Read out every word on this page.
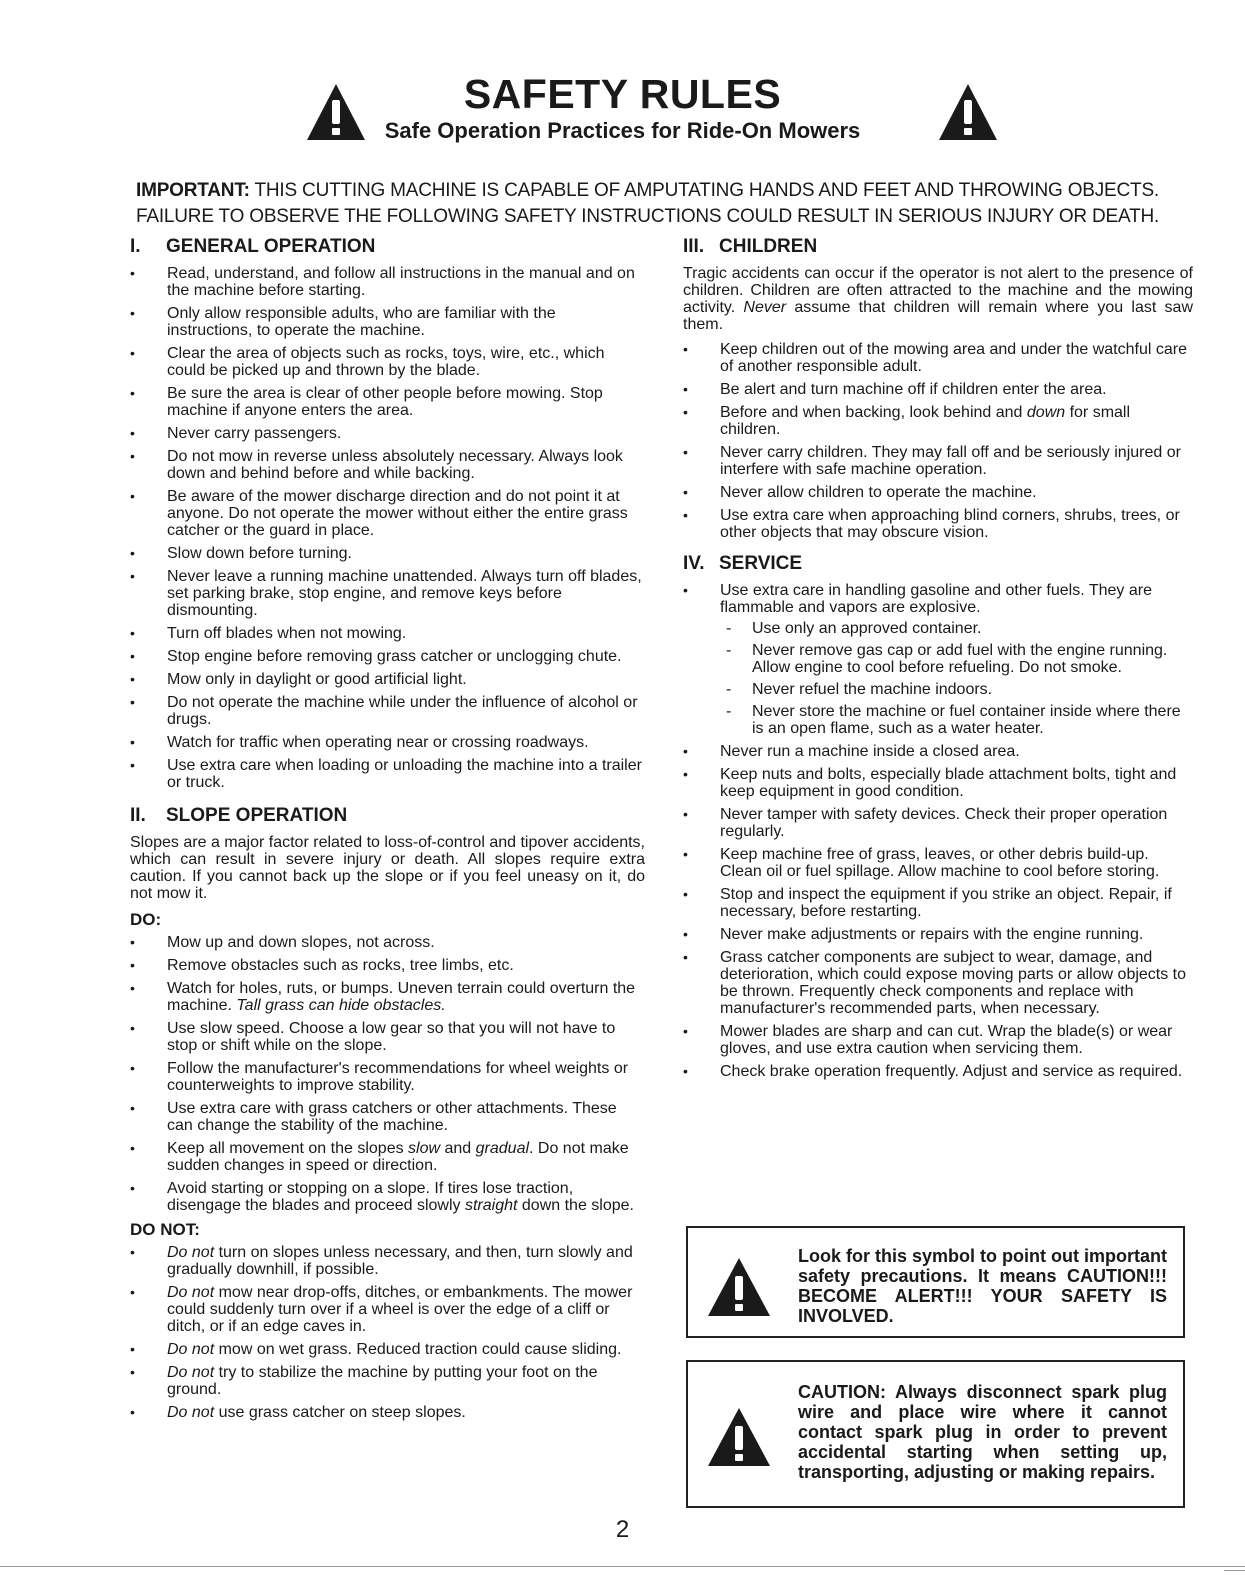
SAFETY RULES
Safe Operation Practices for Ride-On Mowers
IMPORTANT: THIS CUTTING MACHINE IS CAPABLE OF AMPUTATING HANDS AND FEET AND THROWING OBJECTS.
FAILURE TO OBSERVE THE FOLLOWING SAFETY INSTRUCTIONS COULD RESULT IN SERIOUS INJURY OR DEATH.
I. GENERAL OPERATION
• Read, understand, and follow all instructions in the manual and on the machine before starting.
• Only allow responsible adults, who are familiar with the instructions, to operate the machine.
• Clear the area of objects such as rocks, toys, wire, etc., which could be picked up and thrown by the blade.
• Be sure the area is clear of other people before mowing. Stop machine if anyone enters the area.
• Never carry passengers.
• Do not mow in reverse unless absolutely necessary. Always look down and behind before and while backing.
• Be aware of the mower discharge direction and do not point it at anyone. Do not operate the mower without either the entire grass catcher or the guard in place.
• Slow down before turning.
• Never leave a running machine unattended. Always turn off blades, set parking brake, stop engine, and remove keys before dismounting.
• Turn off blades when not mowing.
• Stop engine before removing grass catcher or unclogging chute.
• Mow only in daylight or good artificial light.
• Do not operate the machine while under the influence of alcohol or drugs.
• Watch for traffic when operating near or crossing roadways.
• Use extra care when loading or unloading the machine into a trailer or truck.
II. SLOPE OPERATION
Slopes are a major factor related to loss-of-control and tipover accidents, which can result in severe injury or death. All slopes require extra caution. If you cannot back up the slope or if you feel uneasy on it, do not mow it.
DO:
• Mow up and down slopes, not across.
• Remove obstacles such as rocks, tree limbs, etc.
• Watch for holes, ruts, or bumps. Uneven terrain could overturn the machine. Tall grass can hide obstacles.
• Use slow speed. Choose a low gear so that you will not have to stop or shift while on the slope.
• Follow the manufacturer's recommendations for wheel weights or counterweights to improve stability.
• Use extra care with grass catchers or other attachments. These can change the stability of the machine.
• Keep all movement on the slopes slow and gradual. Do not make sudden changes in speed or direction.
• Avoid starting or stopping on a slope. If tires lose traction, disengage the blades and proceed slowly straight down the slope.
DO NOT:
• Do not turn on slopes unless necessary, and then, turn slowly and gradually downhill, if possible.
• Do not mow near drop-offs, ditches, or embankments. The mower could suddenly turn over if a wheel is over the edge of a cliff or ditch, or if an edge caves in.
• Do not mow on wet grass. Reduced traction could cause sliding.
• Do not try to stabilize the machine by putting your foot on the ground.
• Do not use grass catcher on steep slopes.
III. CHILDREN
Tragic accidents can occur if the operator is not alert to the presence of children. Children are often attracted to the machine and the mowing activity. Never assume that children will remain where you last saw them.
• Keep children out of the mowing area and under the watchful care of another responsible adult.
• Be alert and turn machine off if children enter the area.
• Before and when backing, look behind and down for small children.
• Never carry children. They may fall off and be seriously injured or interfere with safe machine operation.
• Never allow children to operate the machine.
• Use extra care when approaching blind corners, shrubs, trees, or other objects that may obscure vision.
IV. SERVICE
• Use extra care in handling gasoline and other fuels. They are flammable and vapors are explosive.
- Use only an approved container.
- Never remove gas cap or add fuel with the engine running. Allow engine to cool before refueling. Do not smoke.
- Never refuel the machine indoors.
- Never store the machine or fuel container inside where there is an open flame, such as a water heater.
• Never run a machine inside a closed area.
• Keep nuts and bolts, especially blade attachment bolts, tight and keep equipment in good condition.
• Never tamper with safety devices. Check their proper operation regularly.
• Keep machine free of grass, leaves, or other debris build-up. Clean oil or fuel spillage. Allow machine to cool before storing.
• Stop and inspect the equipment if you strike an object. Repair, if necessary, before restarting.
• Never make adjustments or repairs with the engine running.
• Grass catcher components are subject to wear, damage, and deterioration, which could expose moving parts or allow objects to be thrown. Frequently check components and replace with manufacturer's recommended parts, when necessary.
• Mower blades are sharp and can cut. Wrap the blade(s) or wear gloves, and use extra caution when servicing them.
• Check brake operation frequently. Adjust and service as required.
Look for this symbol to point out important safety precautions. It means CAUTION!!! BECOME ALERT!!! YOUR SAFETY IS INVOLVED.
CAUTION: Always disconnect spark plug wire and place wire where it cannot contact spark plug in order to prevent accidental starting when setting up, transporting, adjusting or making repairs.
2
